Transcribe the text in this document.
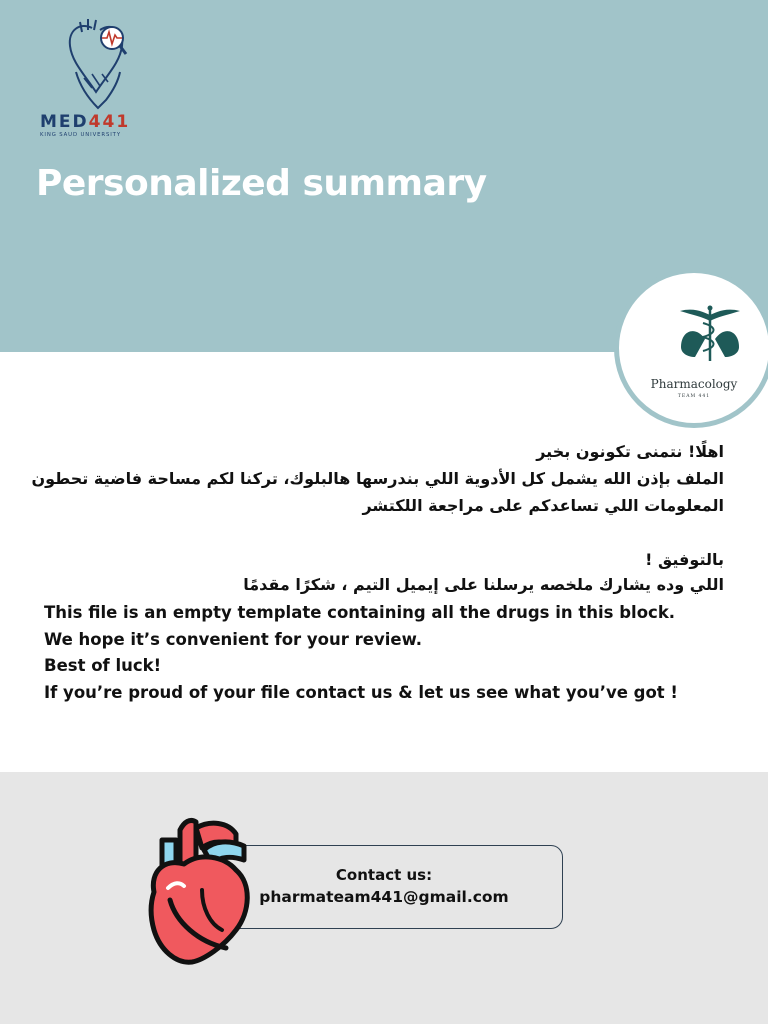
MED441
KING SAUD UNIVERSITY
Personalized summary
Pharmacology
TEAM 441
اهلًا! نتمنى تكونون بخير
الملف بإذن الله يشمل كل الأدوية اللي بندرسها هالبلوك، تركنا لكم مساحة فاضية تحطون
المعلومات اللي تساعدكم على مراجعة اللكتشر
بالتوفيق !
اللي وده يشارك ملخصه يرسلنا على إيميل التيم ، شكرًا مقدمًا
This file is an empty template containing all the drugs in this block.
We hope it’s convenient for your review.
Best of luck!
If you’re proud of your file contact us & let us see what you’ve got !
Contact us:
pharmateam441@gmail.com
